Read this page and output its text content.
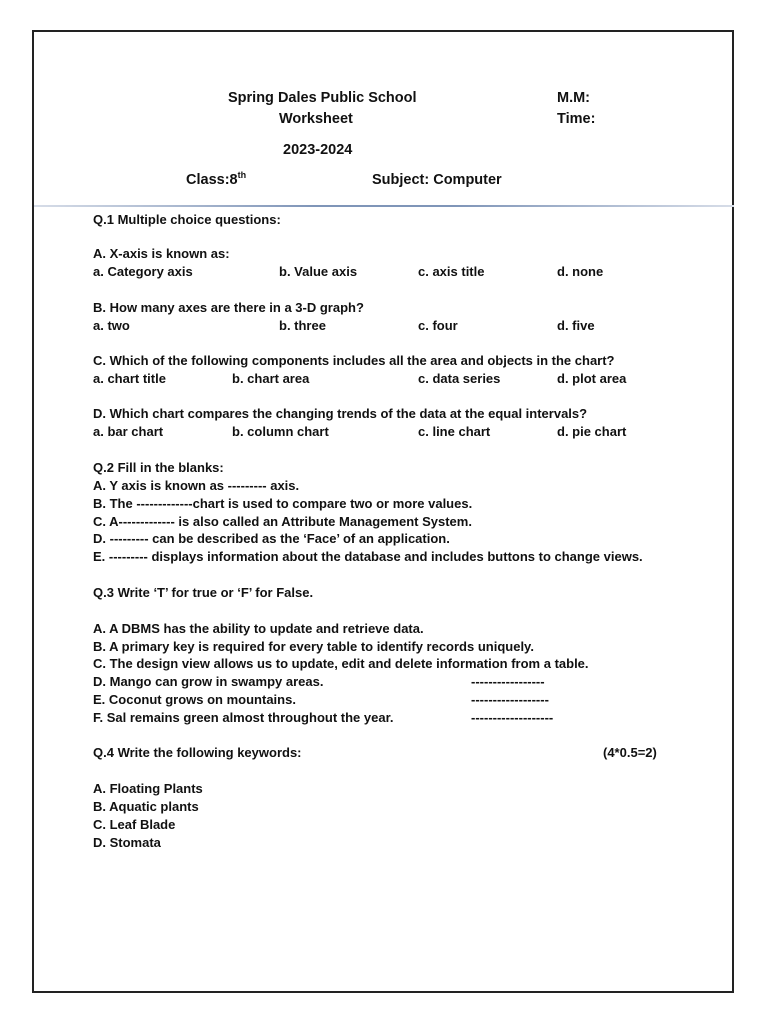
Spring Dales Public School	M.M:
Worksheet	Time:
2023-2024
Class:8th	Subject: Computer
Q.1 Multiple choice questions:
A. X-axis is known as:
a. Category axis	b. Value axis	c. axis title	d. none
B. How many axes are there in a 3-D graph?
a. two	b. three	c. four	d. five
C. Which of the following components includes all the area and objects in the chart?
a. chart title	b. chart area	c. data series	d. plot area
D. Which chart compares the changing trends of the data at the equal intervals?
a. bar chart	b. column chart	c. line chart	d. pie chart
Q.2 Fill in the blanks:
A. Y axis is known as --------- axis.
B. The -------------chart is used to compare two or more values.
C. A------------- is also called an Attribute Management System.
D. --------- can be described as the ‘Face’ of an application.
E. --------- displays information about the database and includes buttons to change views.
Q.3 Write ‘T’ for true or ‘F’ for False.
A. A DBMS has the ability to update and retrieve data.
B. A primary key is required for every table to identify records uniquely.
C. The design view allows us to update, edit and delete information from a table.
D. Mango can grow in swampy areas.	-----------------
E. Coconut grows on mountains.	------------------
F. Sal remains green almost throughout the year.	-------------------
Q.4 Write the following keywords:	(4*0.5=2)
A. Floating Plants
B. Aquatic plants
C. Leaf Blade
D. Stomata
